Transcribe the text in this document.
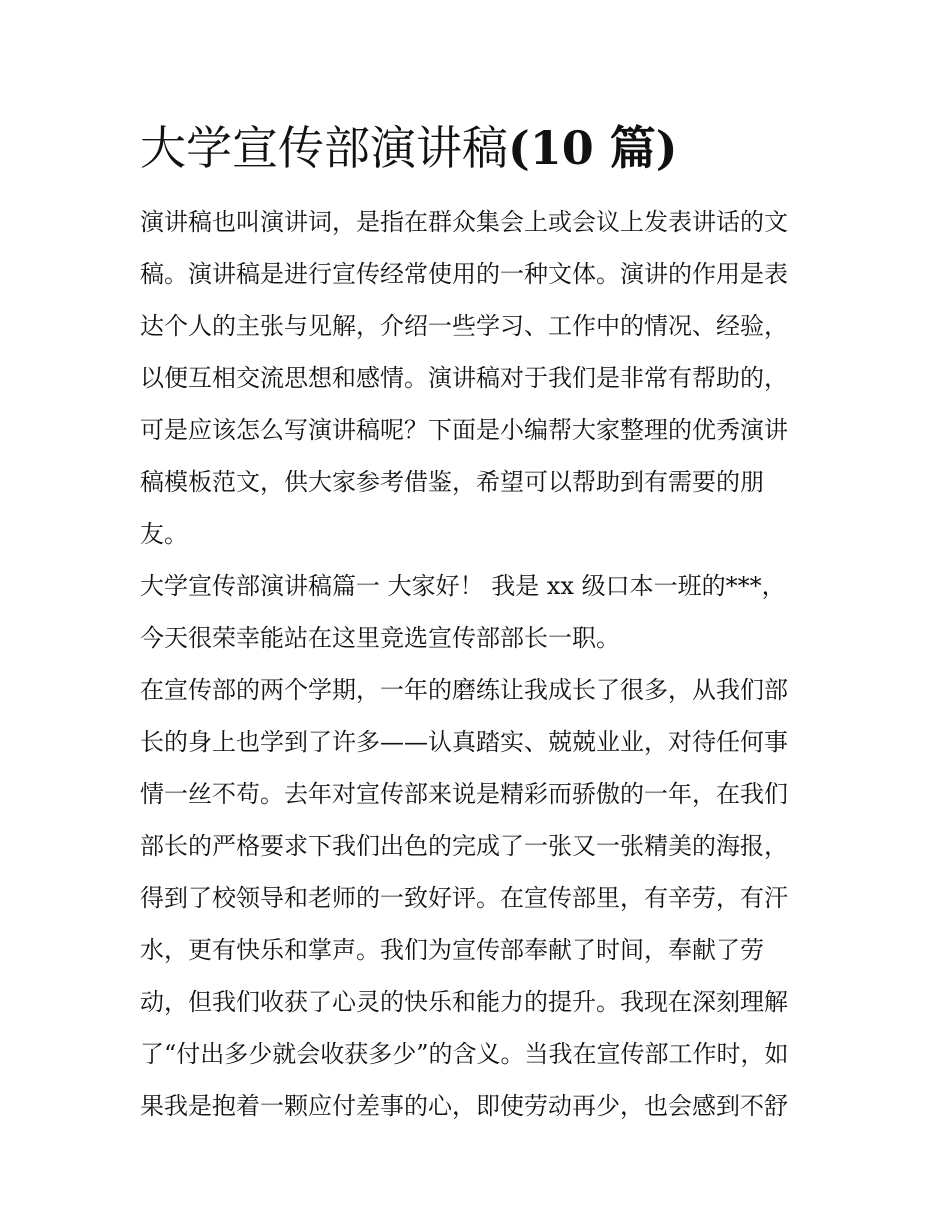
大学宣传部演讲稿(10 篇)
演讲稿也叫演讲词，是指在群众集会上或会议上发表讲话的文
稿。演讲稿是进行宣传经常使用的一种文体。演讲的作用是表
达个人的主张与见解，介绍一些学习、工作中的情况、经验，
以便互相交流思想和感情。演讲稿对于我们是非常有帮助的，
可是应该怎么写演讲稿呢？下面是小编帮大家整理的优秀演讲
稿模板范文，供大家参考借鉴，希望可以帮助到有需要的朋
友。
大学宣传部演讲稿篇一 大家好！ 我是 xx 级口本一班的***，
今天很荣幸能站在这里竞选宣传部部长一职。
在宣传部的两个学期，一年的磨练让我成长了很多，从我们部
长的身上也学到了许多——认真踏实、兢兢业业，对待任何事
情一丝不苟。去年对宣传部来说是精彩而骄傲的一年，在我们
部长的严格要求下我们出色的完成了一张又一张精美的海报，
得到了校领导和老师的一致好评。在宣传部里，有辛劳，有汗
水，更有快乐和掌声。我们为宣传部奉献了时间，奉献了劳
动，但我们收获了心灵的快乐和能力的提升。我现在深刻理解
了“付出多少就会收获多少”的含义。当我在宣传部工作时，如
果我是抱着一颗应付差事的心，即使劳动再少，也会感到不舒
